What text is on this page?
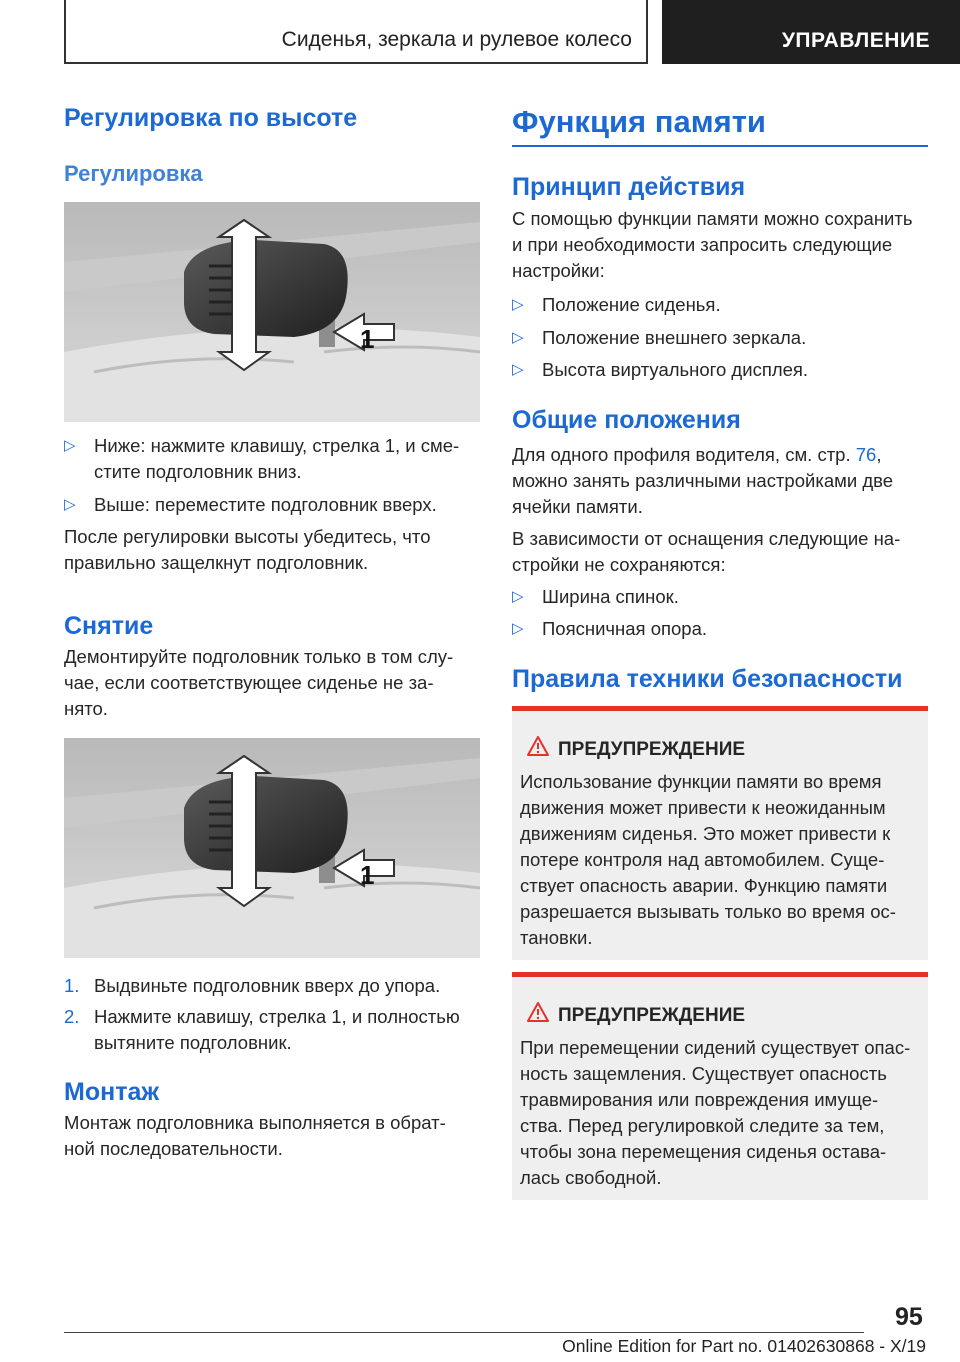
Сиденья, зеркала и рулевое колесо	УПРАВЛЕНИЕ
Регулировка по высоте
Регулировка
1
▷ Ниже: нажмите клавишу, стрелка 1, и сме-
стите подголовник вниз.
▷ Выше: переместите подголовник вверх.
После регулировки высоты убедитесь, что
правильно защелкнут подголовник.
Снятие
Демонтируйте подголовник только в том слу-
чае, если соответствующее сиденье не за-
нято.
1
1. Выдвиньте подголовник вверх до упора.
2. Нажмите клавишу, стрелка 1, и полностью
вытяните подголовник.
Монтаж
Монтаж подголовника выполняется в обрат-
ной последовательности.
Функция памяти
Принцип действия
С помощью функции памяти можно сохранить
и при необходимости запросить следующие
настройки:
▷ Положение сиденья.
▷ Положение внешнего зеркала.
▷ Высота виртуального дисплея.
Общие положения
Для одного профиля водителя, см. стр. 76,
можно занять различными настройками две
ячейки памяти.
В зависимости от оснащения следующие на-
стройки не сохраняются:
▷ Ширина спинок.
▷ Поясничная опора.
Правила техники безопасности
ПРЕДУПРЕЖДЕНИЕ
Использование функции памяти во время
движения может привести к неожиданным
движениям сиденья. Это может привести к
потере контроля над автомобилем. Суще-
ствует опасность аварии. Функцию памяти
разрешается вызывать только во время ос-
тановки.
ПРЕДУПРЕЖДЕНИЕ
При перемещении сидений существует опас-
ность защемления. Существует опасность
травмирования или повреждения имуще-
ства. Перед регулировкой следите за тем,
чтобы зона перемещения сиденья остава-
лась свободной.
95
Online Edition for Part no. 01402630868 - X/19
